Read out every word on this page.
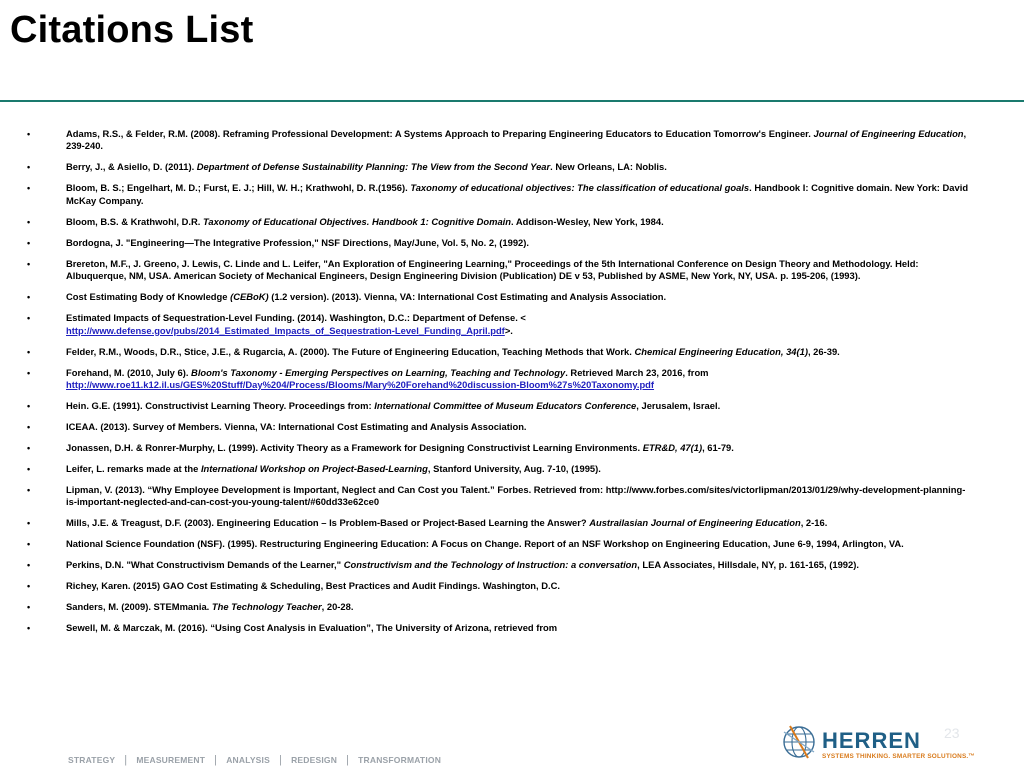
Citations List
•	Adams, R.S., & Felder, R.M. (2008). Reframing Professional Development: A Systems Approach to Preparing Engineering Educators to Education Tomorrow's Engineer. Journal of Engineering Education, 239-240.
•	Berry, J., & Asiello, D. (2011). Department of Defense Sustainability Planning: The View from the Second Year. New Orleans, LA: Noblis.
•	Bloom, B. S.; Engelhart, M. D.; Furst, E. J.; Hill, W. H.; Krathwohl, D. R.(1956). Taxonomy of educational objectives: The classification of educational goals. Handbook I: Cognitive domain. New York: David McKay Company.
•	Bloom, B.S. & Krathwohl, D.R. Taxonomy of Educational Objectives. Handbook 1: Cognitive Domain. Addison-Wesley, New York, 1984.
•	Bordogna, J. "Engineering—The Integrative Profession," NSF Directions, May/June, Vol. 5, No. 2, (1992).
•	Brereton, M.F., J. Greeno, J. Lewis, C. Linde and L. Leifer, "An Exploration of Engineering Learning," Proceedings of the 5th International Conference on Design Theory and Methodology. Held: Albuquerque, NM, USA. American Society of Mechanical Engineers, Design Engineering Division (Publication) DE v 53, Published by ASME, New York, NY, USA. p. 195-206, (1993).
•	Cost Estimating Body of Knowledge (CEBoK) (1.2 version). (2013). Vienna, VA: International Cost Estimating and Analysis Association.
•	Estimated Impacts of Sequestration-Level Funding. (2014). Washington, D.C.: Department of Defense. <
http://www.defense.gov/pubs/2014_Estimated_Impacts_of_Sequestration-Level_Funding_April.pdf>.
•	Felder, R.M., Woods, D.R., Stice, J.E., & Rugarcia, A. (2000). The Future of Engineering Education, Teaching Methods that Work. Chemical Engineering Education, 34(1), 26-39.
•	Forehand, M. (2010, July 6). Bloom's Taxonomy - Emerging Perspectives on Learning, Teaching and Technology. Retrieved March 23, 2016, from
http://www.roe11.k12.il.us/GES%20Stuff/Day%204/Process/Blooms/Mary%20Forehand%20discussion-Bloom%27s%20Taxonomy.pdf
•	Hein. G.E. (1991). Constructivist Learning Theory. Proceedings from: International Committee of Museum Educators Conference, Jerusalem, Israel.
•	ICEAA. (2013). Survey of Members. Vienna, VA: International Cost Estimating and Analysis Association.
•	Jonassen, D.H. & Ronrer-Murphy, L. (1999). Activity Theory as a Framework for Designing Constructivist Learning Environments. ETR&D, 47(1), 61-79.
•	Leifer, L. remarks made at the International Workshop on Project-Based-Learning, Stanford University, Aug. 7-10, (1995).
•	Lipman, V. (2013). “Why Employee Development is Important, Neglect and Can Cost you Talent.” Forbes. Retrieved from: http://www.forbes.com/sites/victorlipman/2013/01/29/why-development-planning-is-important-neglected-and-can-cost-you-young-talent/#60dd33e62ce0
•	Mills, J.E. & Treagust, D.F. (2003). Engineering Education – Is Problem-Based or Project-Based Learning the Answer? Austrailasian Journal of Engineering Education, 2-16.
•	National Science Foundation (NSF). (1995). Restructuring Engineering Education: A Focus on Change. Report of an NSF Workshop on Engineering Education, June 6-9, 1994, Arlington, VA.
•	Perkins, D.N. "What Constructivism Demands of the Learner," Constructivism and the Technology of Instruction: a conversation, LEA Associates, Hillsdale, NY, p. 161-165, (1992).
•	Richey, Karen. (2015) GAO Cost Estimating & Scheduling, Best Practices and Audit Findings. Washington, D.C.
•	Sanders, M. (2009). STEMmania. The Technology Teacher, 20-28.
•	Sewell, M. & Marczak, M. (2016). “Using Cost Analysis in Evaluation”, The University of Arizona, retrieved from
23
STRATEGY | MEASUREMENT | ANALYSIS | REDESIGN | TRANSFORMATION
HERREN
SYSTEMS THINKING. SMARTER SOLUTIONS.™
